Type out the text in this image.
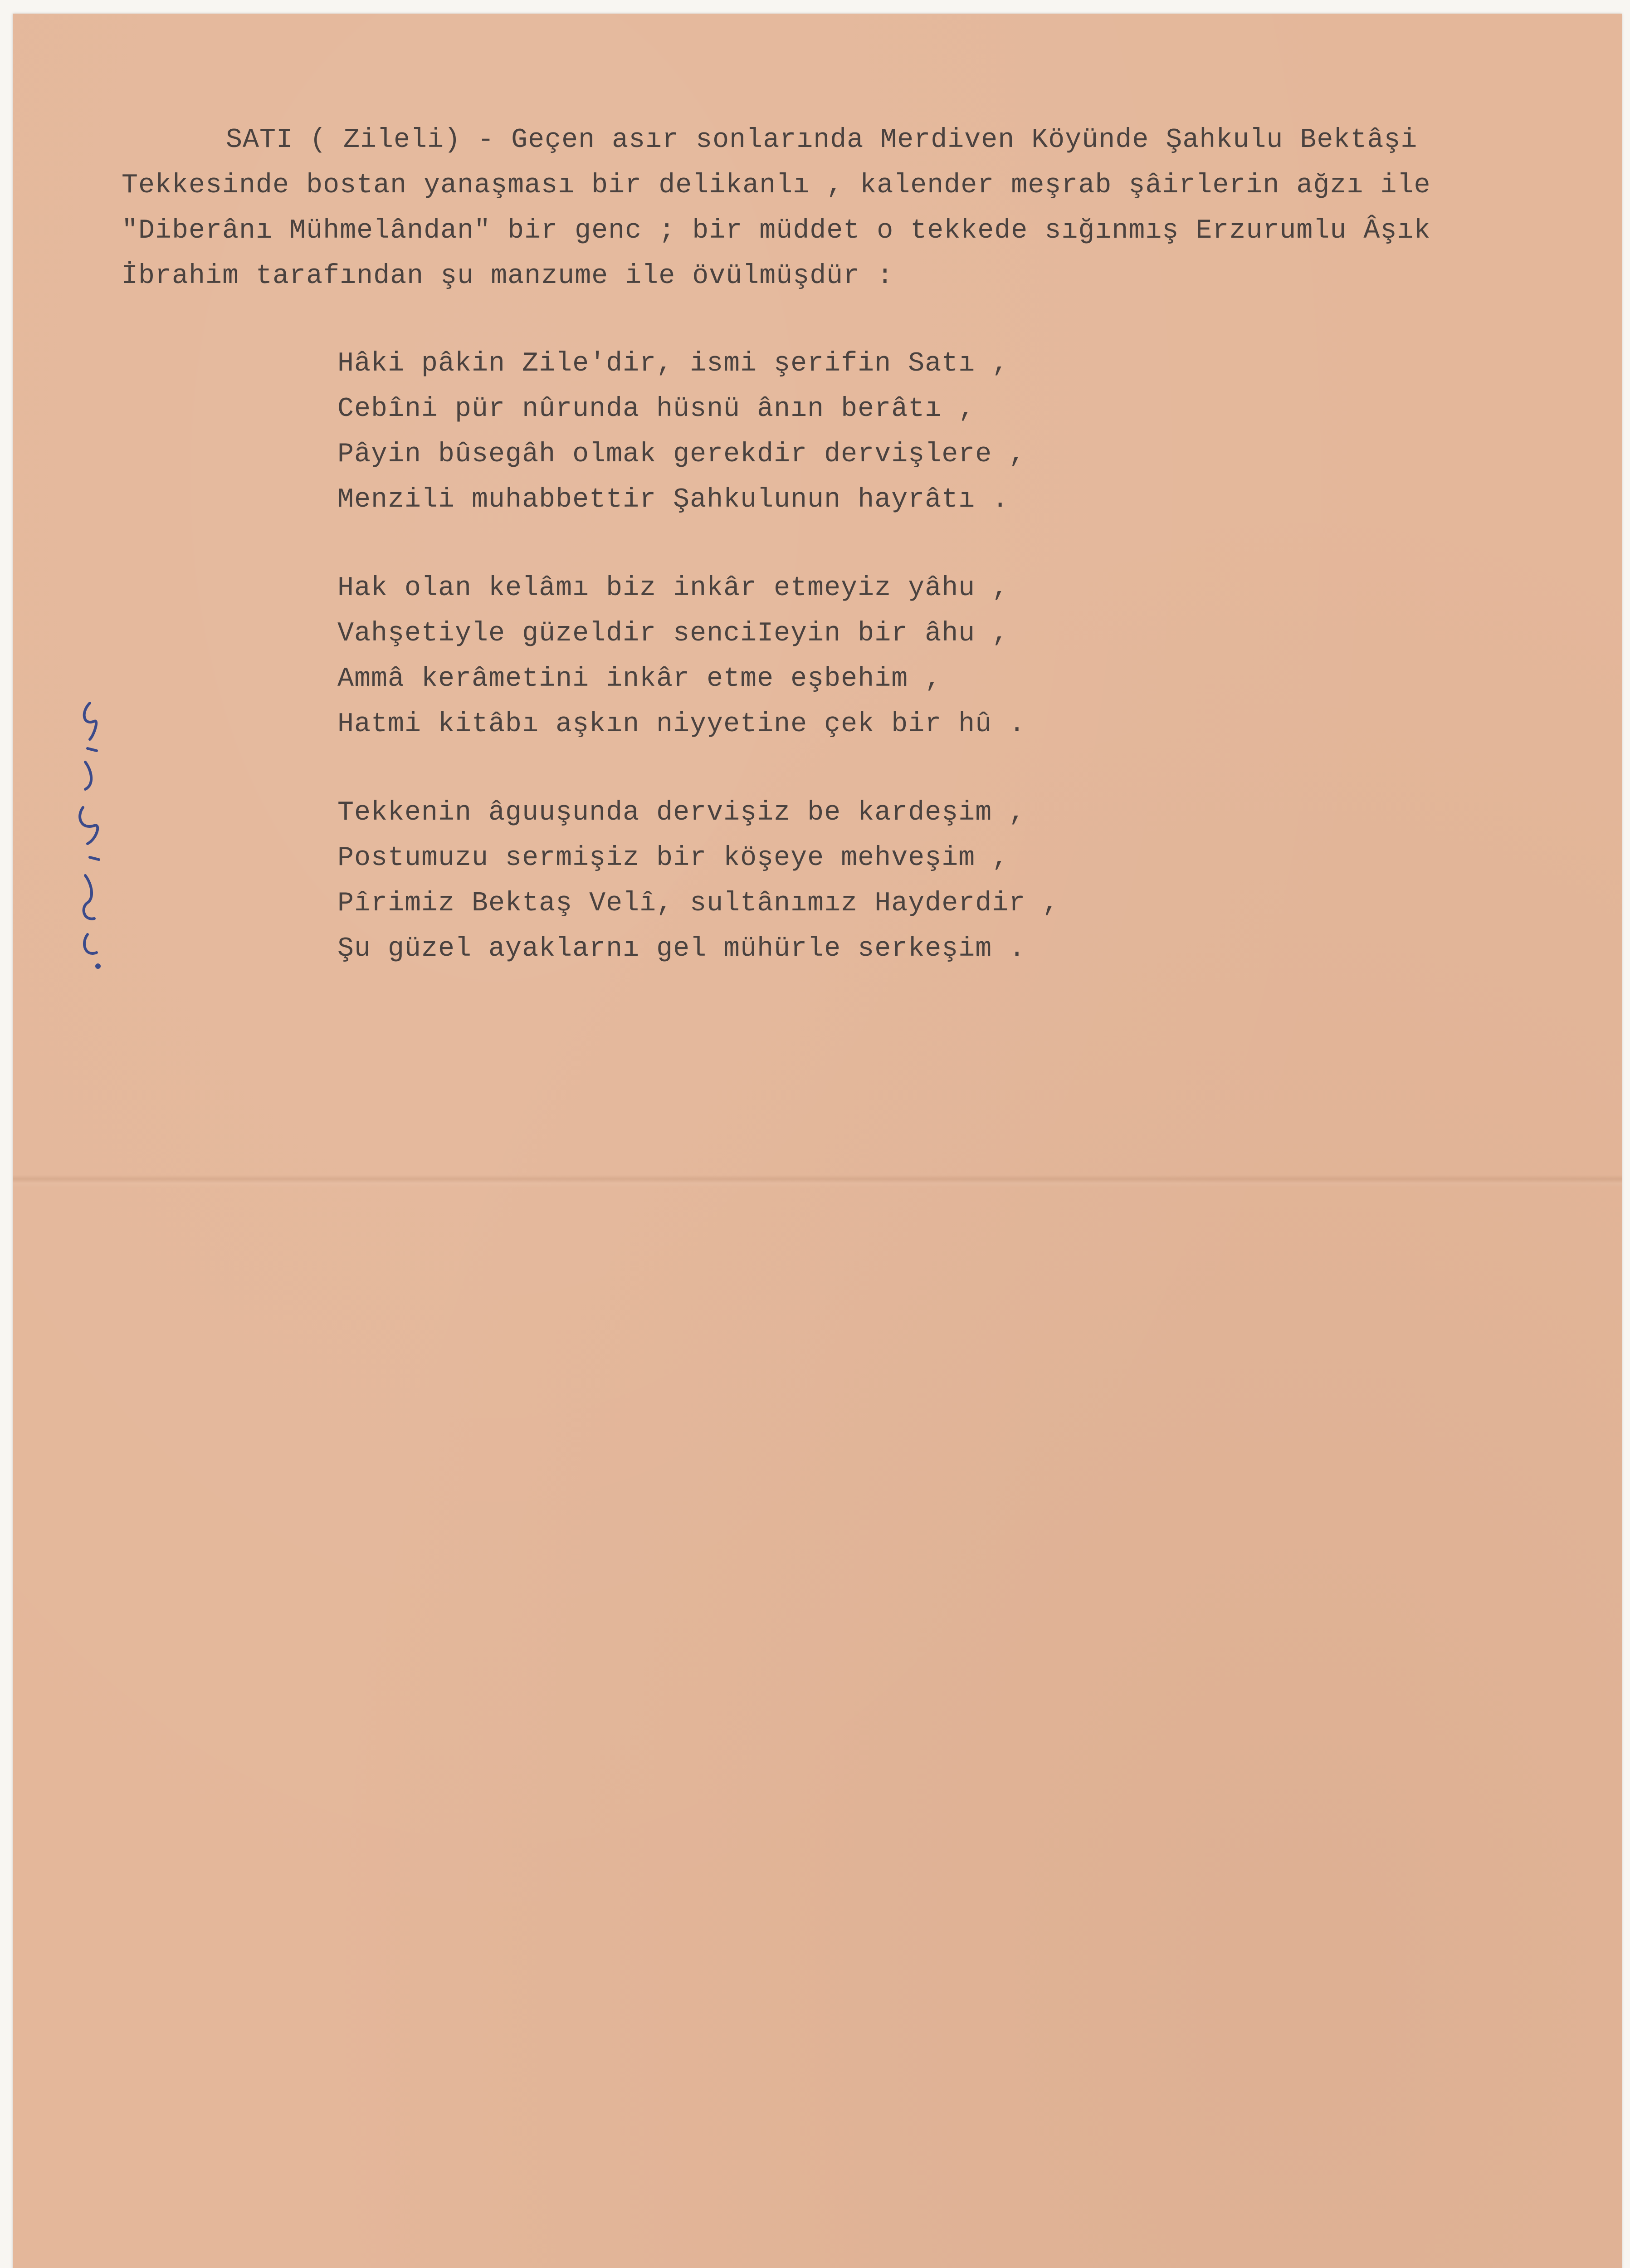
SATI ( Zileli) - Geçen asır sonlarında Merdiven Köyünde Şahkulu Bektâşi
Tekkesinde bostan yanaşması bir delikanlı , kalender meşrab şâirlerin ağzı ile
"Diberânı Mühmelândan" bir genc ; bir müddet o tekkede sığınmış Erzurumlu Âşık
İbrahim tarafından şu manzume ile övülmüşdür :
Hâki pâkin Zile'dir, ismi şerifin Satı ,
Cebîni pür nûrunda hüsnü ânın berâtı ,
Pâyin bûsegâh olmak gerekdir dervişlere ,
Menzili muhabbettir Şahkulunun hayrâtı .
Hak olan kelâmı biz inkâr etmeyiz yâhu ,
Vahşetiyle güzeldir senciIeyin bir âhu ,
Ammâ kerâmetini inkâr etme eşbehim ,
Hatmi kitâbı aşkın niyyetine çek bir hû .
Tekkenin âguuşunda dervişiz be kardeşim ,
Postumuzu sermişiz bir köşeye mehveşim ,
Pîrimiz Bektaş Velî, sultânımız Hayderdir ,
Şu güzel ayaklarnı gel mühürle serkeşim .
